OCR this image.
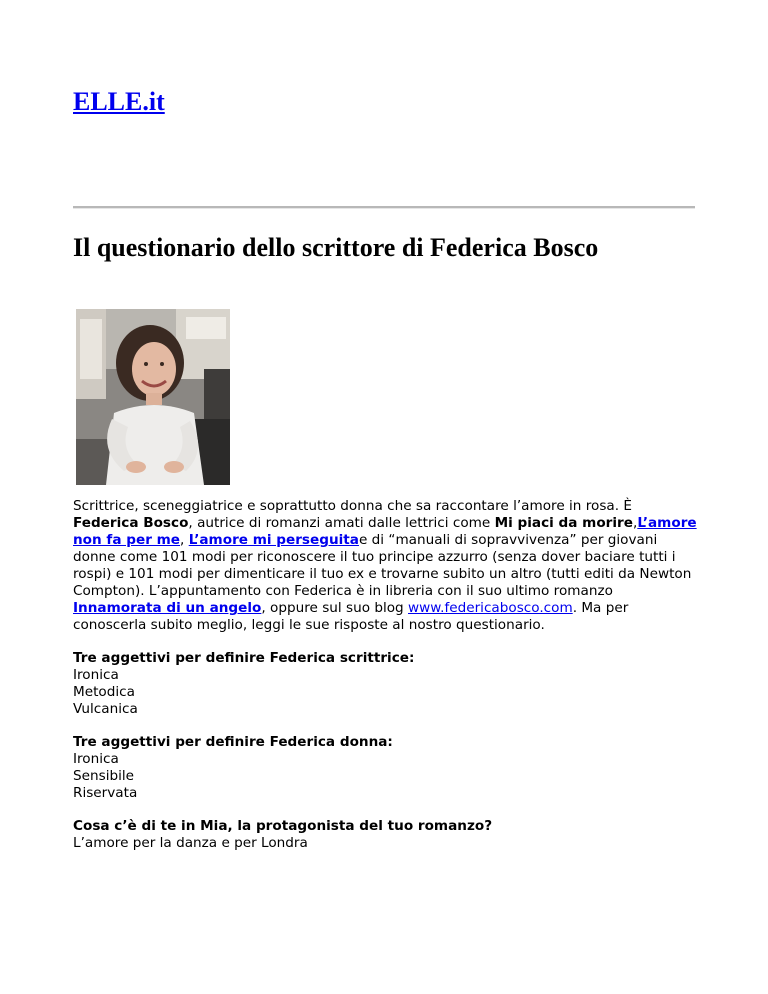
ELLE.it
Il questionario dello scrittore di Federica Bosco

Scrittrice, sceneggiatrice e soprattutto donna che sa raccontare l’amore in rosa. È Federica Bosco, autrice di romanzi amati dalle lettrici come Mi piaci da morire,L’amore non fa per me, L’amore mi perseguitae di “manuali di sopravvivenza” per giovani donne come 101 modi per riconoscere il tuo principe azzurro (senza dover baciare tutti i rospi) e 101 modi per dimenticare il tuo ex e trovarne subito un altro (tutti editi da Newton Compton). L’appuntamento con Federica è in libreria con il suo ultimo romanzo Innamorata di un angelo, oppure sul suo blog www.federicabosco.com. Ma per conoscerla subito meglio, leggi le sue risposte al nostro questionario.

Tre aggettivi per definire Federica scrittrice:
Ironica
Metodica
Vulcanica

Tre aggettivi per definire Federica donna:
Ironica
Sensibile
Riservata

Cosa c’è di te in Mia, la protagonista del tuo romanzo?
L’amore per la danza e per Londra
